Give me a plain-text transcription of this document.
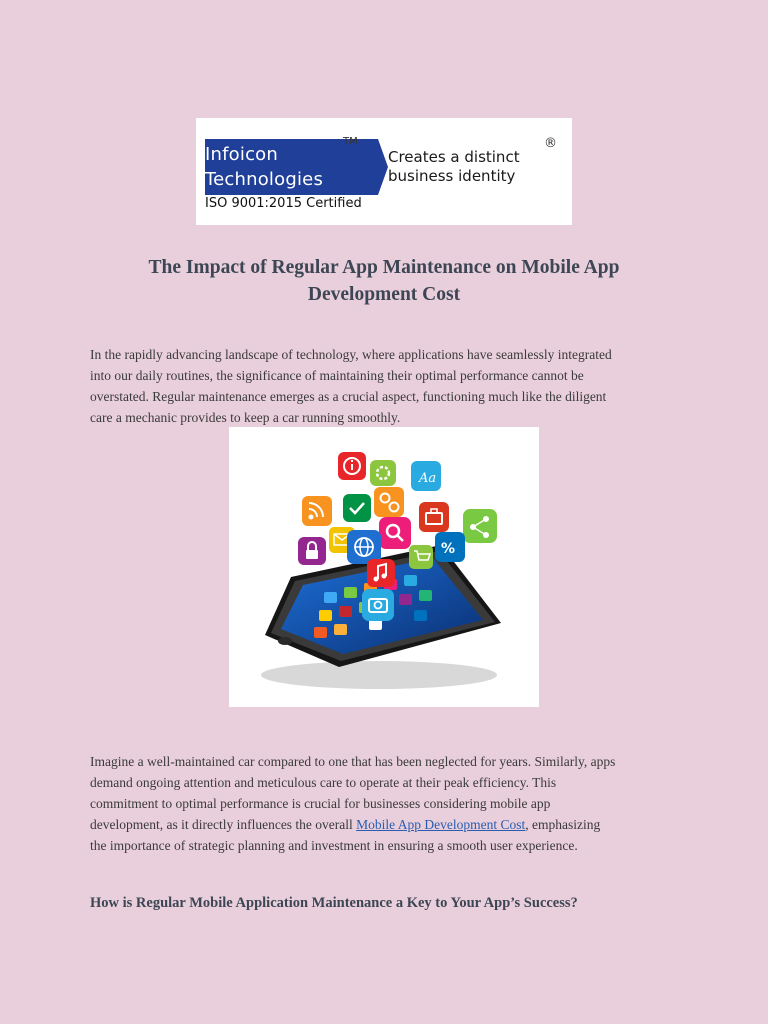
Infoicon
Technologies
TM
Creates a distinct
business identity
®
ISO 9001:2015 Certified
The Impact of Regular App Maintenance on Mobile App
Development Cost
In the rapidly advancing landscape of technology, where applications have seamlessly integrated
into our daily routines, the significance of maintaining their optimal performance cannot be
overstated. Regular maintenance emerges as a crucial aspect, functioning much like the diligent
care a mechanic provides to keep a car running smoothly.
Aa
%
Imagine a well-maintained car compared to one that has been neglected for years. Similarly, apps
demand ongoing attention and meticulous care to operate at their peak efficiency. This
commitment to optimal performance is crucial for businesses considering mobile app
development, as it directly influences the overall Mobile App Development Cost, emphasizing
the importance of strategic planning and investment in ensuring a smooth user experience.
How is Regular Mobile Application Maintenance a Key to Your App’s Success?
